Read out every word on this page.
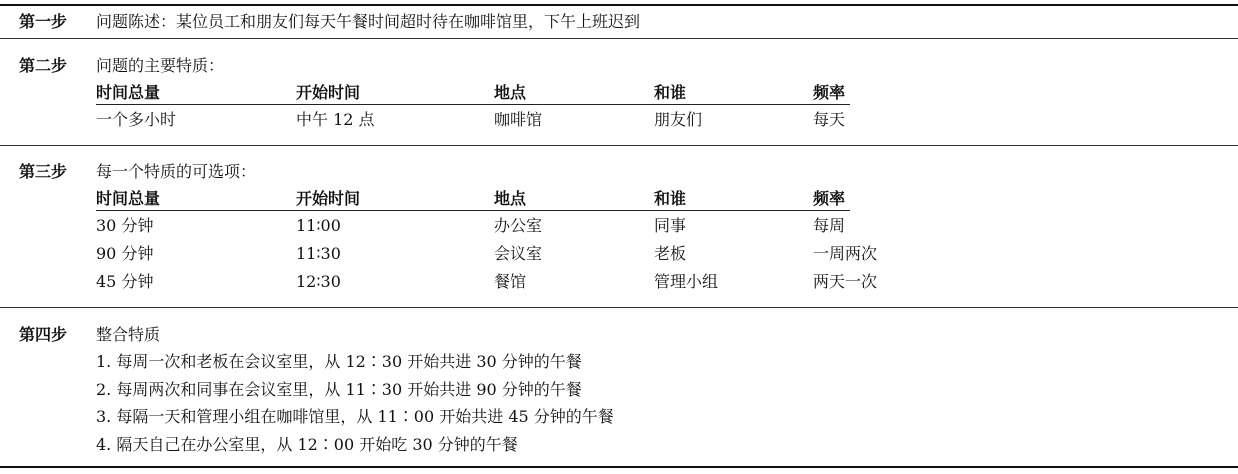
第一步 问题陈述：某位员工和朋友们每天午餐时间超时待在咖啡馆里，下午上班迟到
第二步 问题的主要特质：
时间总量	开始时间	地点	和谁	频率
一个多小时	中午 12 点	咖啡馆	朋友们	每天
第三步 每一个特质的可选项：
时间总量	开始时间	地点	和谁	频率
30 分钟	11∶00	办公室	同事	每周
90 分钟	11∶30	会议室	老板	一周两次
45 分钟	12∶30	餐馆	管理小组	两天一次
第四步 整合特质
1. 每周一次和老板在会议室里，从 12∶30 开始共进 30 分钟的午餐
2. 每周两次和同事在会议室里，从 11∶30 开始共进 90 分钟的午餐
3. 每隔一天和管理小组在咖啡馆里，从 11∶00 开始共进 45 分钟的午餐
4. 隔天自己在办公室里，从 12∶00 开始吃 30 分钟的午餐
